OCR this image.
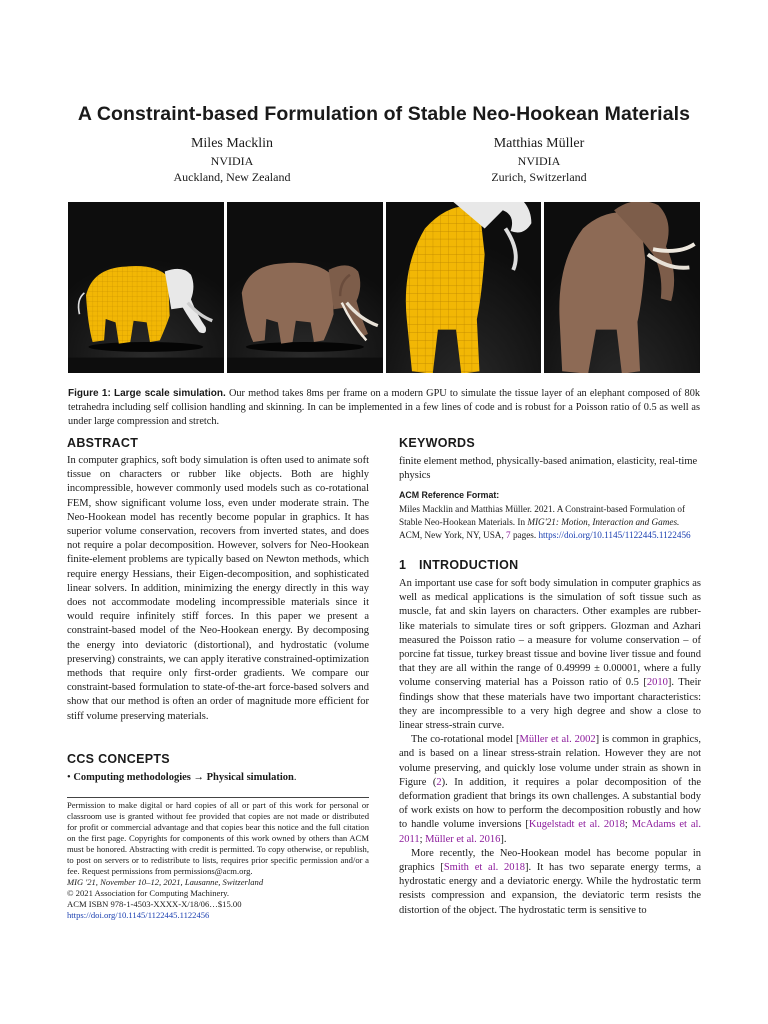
A Constraint-based Formulation of Stable Neo-Hookean Materials
Miles Macklin
NVIDIA
Auckland, New Zealand
Matthias Müller
NVIDIA
Zurich, Switzerland
Figure 1: Large scale simulation. Our method takes 8ms per frame on a modern GPU to simulate the tissue layer of an elephant composed of 80k tetrahedra including self collision handling and skinning. In can be implemented in a few lines of code and is robust for a Poisson ratio of 0.5 as well as under large compression and stretch.
ABSTRACT

In computer graphics, soft body simulation is often used to animate soft tissue on characters or rubber like objects. Both are highly incompressible, however commonly used models such as co-rotational FEM, show significant volume loss, even under moderate strain. The Neo-Hookean model has recently become popular in graphics. It has superior volume conservation, recovers from inverted states, and does not require a polar decomposition. However, solvers for Neo-Hookean finite-element problems are typically based on Newton methods, which require energy Hessians, their Eigen-decomposition, and sophisticated linear solvers. In addition, minimizing the energy directly in this way does not accommodate modeling incompressible materials since it would require infinitely stiff forces. In this paper we present a constraint-based model of the Neo-Hookean energy. By decomposing the energy into deviatoric (distortional), and hydrostatic (volume preserving) constraints, we can apply iterative constrained-optimization methods that require only first-order gradients. We compare our constraint-based formulation to state-of-the-art force-based solvers and show that our method is often an order of magnitude more efficient for stiff volume preserving materials.

CCS CONCEPTS

• Computing methodologies → Physical simulation.

Permission to make digital or hard copies of all or part of this work for personal or classroom use is granted without fee provided that copies are not made or distributed for profit or commercial advantage and that copies bear this notice and the full citation on the first page. Copyrights for components of this work owned by others than ACM must be honored. Abstracting with credit is permitted. To copy otherwise, or republish, to post on servers or to redistribute to lists, requires prior specific permission and/or a fee. Request permissions from permissions@acm.org.

MIG '21, November 10–12, 2021, Lausanne, Switzerland

© 2021 Association for Computing Machinery.

ACM ISBN 978-1-4503-XXXX-X/18/06…$15.00

https://doi.org/10.1145/1122445.1122456

KEYWORDS

finite element method, physically-based animation, elasticity, real-time physics

ACM Reference Format:

Miles Macklin and Matthias Müller. 2021. A Constraint-based Formulation of Stable Neo-Hookean Materials. In MIG'21: Motion, Interaction and Games. ACM, New York, NY, USA, 7 pages. https://doi.org/10.1145/1122445.1122456

1 INTRODUCTION

An important use case for soft body simulation in computer graphics as well as medical applications is the simulation of soft tissue such as muscle, fat and skin layers on characters. Other examples are rubber-like materials to simulate tires or soft grippers. Glozman and Azhari measured the Poisson ratio – a measure for volume conservation – of porcine fat tissue, turkey breast tissue and bovine liver tissue and found that they are all within the range of 0.49999 ± 0.00001, where a fully volume conserving material has a Poisson ratio of 0.5 [2010]. Their findings show that these materials have two important characteristics: they are incompressible to a very high degree and show a close to linear stress-strain curve.

The co-rotational model [Müller et al. 2002] is common in graphics, and is based on a linear stress-strain relation. However they are not volume preserving, and quickly lose volume under strain as shown in Figure (2). In addition, it requires a polar decomposition of the deformation gradient that brings its own challenges. A substantial body of work exists on how to perform the decomposition robustly and how to handle volume inversions [Kugelstadt et al. 2018; McAdams et al. 2011; Müller et al. 2016].

More recently, the Neo-Hookean model has become popular in graphics [Smith et al. 2018]. It has two separate energy terms, a hydrostatic energy and a deviatoric energy. While the hydrostatic term resists compression and expansion, the deviatoric term resists the distortion of the object. The hydrostatic term is sensitive to
